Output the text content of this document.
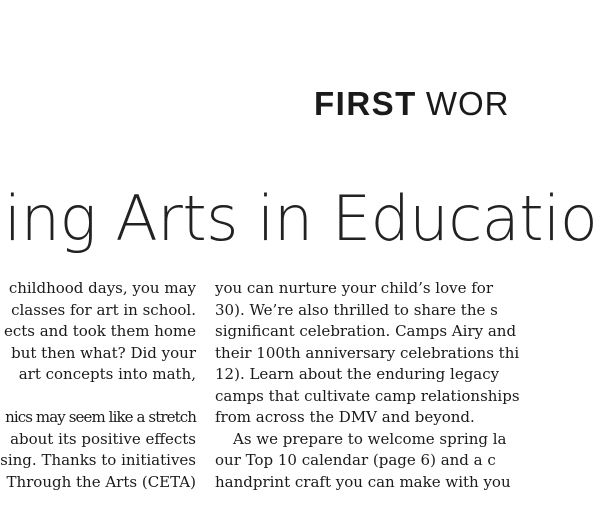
FIRST WOR
ing Arts in Educatio
childhood days, you may
classes for art in school.
ects and took them home
but then what? Did your
art concepts into math,
nics may seem like a stretch
about its positive effects
sing. Thanks to initiatives
Through the Arts (CETA)
you can nurture your child’s love for
30). We’re also thrilled to share the s
significant celebration. Camps Airy and
their 100th anniversary celebrations thi
12). Learn about the enduring legacy
camps that cultivate camp relationships
from across the DMV and beyond.
As we prepare to welcome spring la
our Top 10 calendar (page 6) and a c
handprint craft you can make with you
